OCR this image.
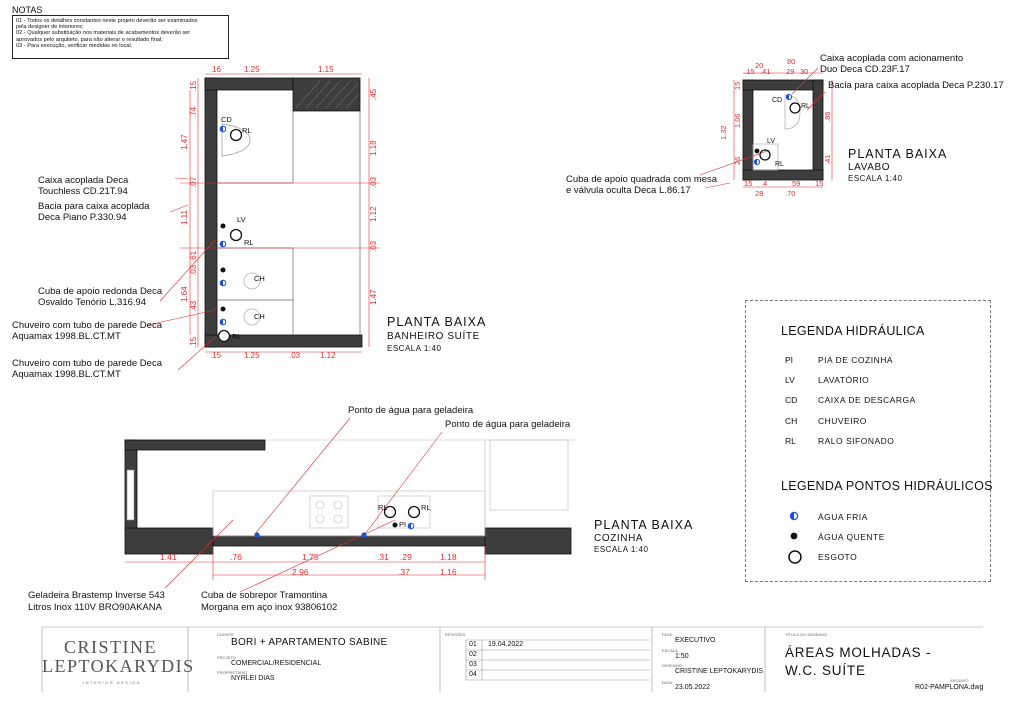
NOTAS
01 - Todos os detalhes constantes neste projeto deverão ser examinados
pela designer de interiores;
02 - Qualquer substituição nos materiais de acabamentos deverão ser
aprovados pelo arquiteto, para não alterar o resultado final;
03 - Para execução, verificar medidas no local.
16	1.25	1.15
.15	1.25	.03 1.12
.15
.74
1.47
.07
1.11
.61
.03
1.64
.43
.15
.45
1.18
.03
1.12
.03
1.47
CD
RL
LV
RL
CH
CH
RL
20	80
.15 .41 29 30
1.32
1.06
15
26
.86
.41
15 4	59 15
28	.70
CD
RL
LV
RL
1.41	.76	1.75	.31 .29	1.18
2.96	.37	1.16
RL
PI
RL
Caixa acoplada Deca
Touchless CD.21T.94
Bacia para caixa acoplada
Deca Piano P.330.94
Cuba de apoio redonda Deca
Osvaldo Tenório L.316.94
Chuveiro com tubo de parede Deca
Aquamax 1998.BL.CT.MT
Chuveiro com tubo de parede Deca
Aquamax 1998.BL.CT.MT
PLANTA BAIXA
BANHEIRO SUÍTE
ESCALA 1:40
Caixa acoplada com acionamento
Duo Deca CD.23F.17
Bacia para caixa acoplada Deca P.230.17
Cuba de apoio quadrada com mesa
e válvula oculta Deca L.86.17
PLANTA BAIXA
LAVABO
ESCALA 1:40
Ponto de água para geladeira
Ponto de água para geladeira
Geladeira Brastemp Inverse 543
Litros Inox 110V BRO90AKANA
Cuba de sobrepor Tramontina
Morgana em aço inox 93806102
PLANTA BAIXA
COZINHA
ESCALA 1:40
LEGENDA HIDRÁULICA
PI	PIA DE COZINHA
LV	LAVATÓRIO
CD CAIXA DE DESCARGA
CH CHUVEIRO
RL	RALO SIFONADO
LEGENDA PONTOS HIDRÁULICOS
ÁGUA FRIA
ÁGUA QUENTE
ESGOTO
CRISTINE
LEPTOKARYDIS
INTERIOR DESIGN
CLIENTE
BORI + APARTAMENTO SABINE
PROJETO
COMERCIAL/RESIDENCIAL
PROPRIETÁRIO
NYRLEI DIAS
REVISÕES
01 19.04.2022
02
03
04
FASE
EXECUTIVO
ESCALA
1:50
DESENHO
CRISTINE LEPTOKARYDIS
DATA
23.05.2022
TÍTULO DO DESENHO
ÁREAS MOLHADAS -
W.C. SUÍTE
ARQUIVO
R02-PAMPLONA.dwg
